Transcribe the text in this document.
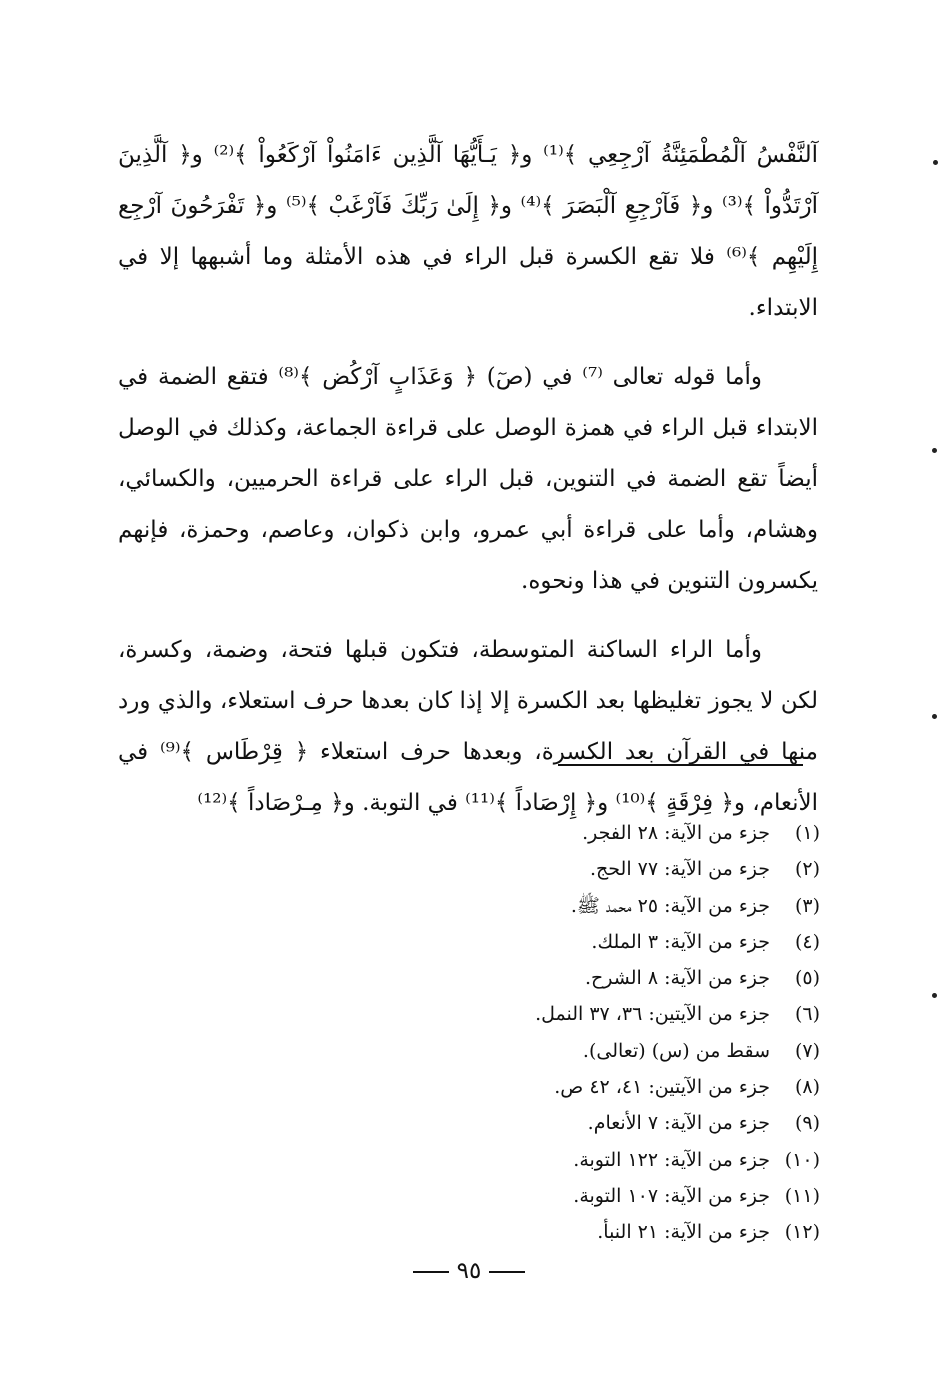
آلنَّفْسُ آلْمُطْمَئِنَّةُ آرْجِعِي ﴾⁽¹⁾ و﴿ يَـأَيُّهَا آلَّذِين ءَامَنُواْ آرْكَعُواْ ﴾⁽²⁾ و﴿ آلَّذِينَ آرْتَدُّواْ ﴾⁽³⁾ و﴿ فَآرْجِعِ آلْبَصَرَ ﴾⁽⁴⁾ و﴿ إِلَىٰ رَبِّكَ فَآرْغَبْ ﴾⁽⁵⁾ و﴿ تَفْرَحُونَ آرْجِع إِلَيْهِم ﴾⁽⁶⁾ فلا تقع الكسرة قبل الراء في هذه الأمثلة وما أشبهها إلا في الابتداء.

وأما قوله تعالى ⁽⁷⁾ في (صٓ) ﴿ وَعَذَابٍ آرْكُض ﴾⁽⁸⁾ فتقع الضمة في الابتداء قبل الراء في همزة الوصل على قراءة الجماعة، وكذلك في الوصل أيضاً تقع الضمة في التنوين، قبل الراء على قراءة الحرميين، والكسائي، وهشام، وأما على قراءة أبي عمرو، وابن ذكوان، وعاصم، وحمزة، فإنهم يكسرون التنوين في هذا ونحوه.

وأما الراء الساكنة المتوسطة، فتكون قبلها فتحة، وضمة، وكسرة، لكن لا يجوز تغليظها بعد الكسرة إلا إذا كان بعدها حرف استعلاء، والذي ورد منها في القرآن بعد الكسرة، وبعدها حرف استعلاء ﴿ قِرْطَاس ﴾⁽⁹⁾ في الأنعام، و﴿ فِرْقَةٍ ﴾⁽¹⁰⁾ و﴿ إِرْصَاداً ﴾⁽¹¹⁾ في التوبة. و﴿ مِـرْصَاداً ﴾⁽¹²⁾

(١)
جزء من الآية: ٢٨ الفجر.
(٢)
جزء من الآية: ٧٧ الحج.
(٣)
جزء من الآية: ٢٥ محمد ﷺ.
(٤)
جزء من الآية: ٣ الملك.
(٥)
جزء من الآية: ٨ الشرح.
(٦)
جزء من الآيتين: ٣٦، ٣٧ النمل.
(٧)
سقط من (س) (تعالى).
(٨)
جزء من الآيتين: ٤١، ٤٢ ص.
(٩)
جزء من الآية: ٧ الأنعام.
(١٠)
جزء من الآية: ١٢٢ التوبة.
(١١)
جزء من الآية: ١٠٧ التوبة.
(١٢)
جزء من الآية: ٢١ النبأ.
٩٥
